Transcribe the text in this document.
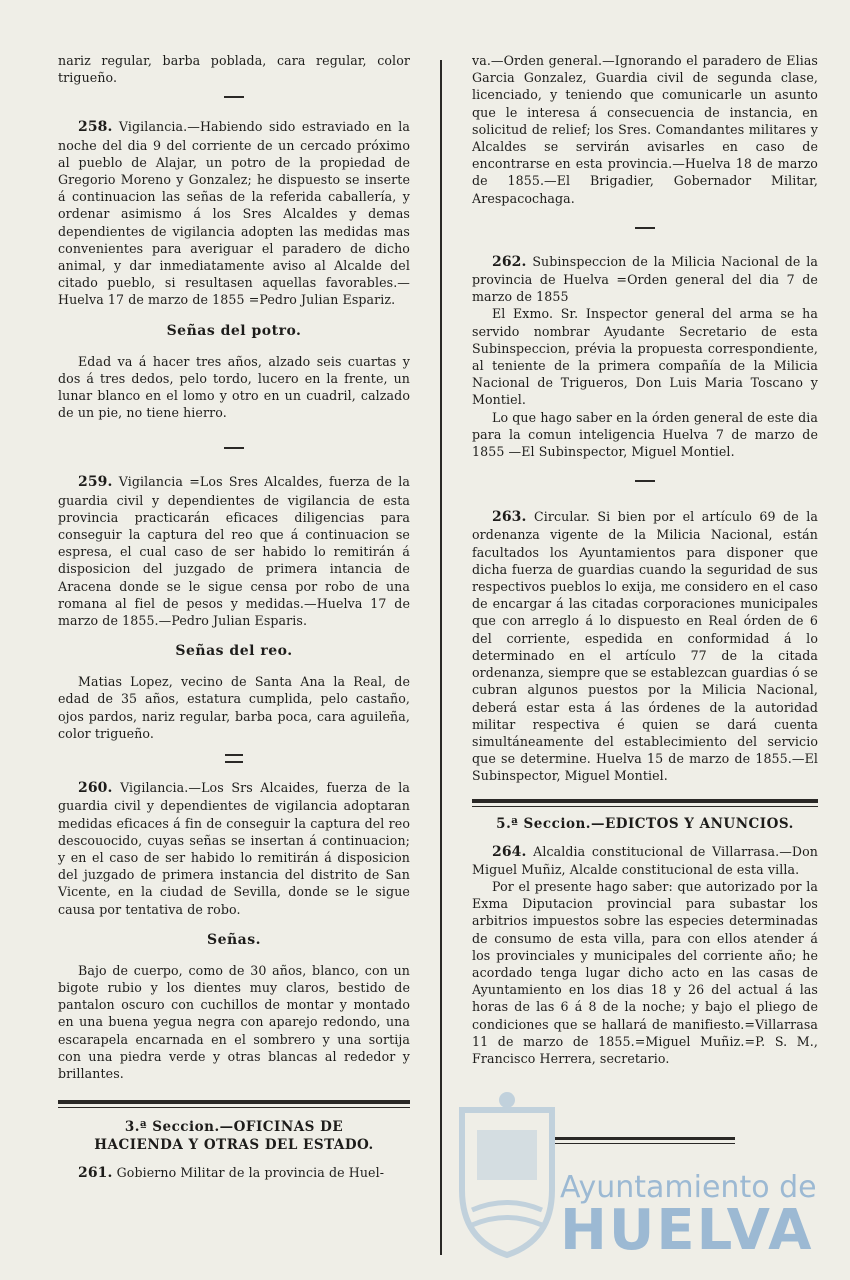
nariz regular, barba poblada, cara regular, color trigueño.

258. Vigilancia.—Habiendo sido estraviado en la noche del dia 9 del corriente de un cercado próximo al pueblo de Alajar, un potro de la propiedad de Gregorio Moreno y Gonzalez; he dispuesto se inserte á continuacion las señas de la referida caballería, y ordenar asimismo á los Sres Alcaldes y demas dependientes de vigilancia adopten las medidas mas convenientes para averiguar el paradero de dicho animal, y dar inmediatamente aviso al Alcalde del citado pueblo, si resultasen aquellas favorables.—Huelva 17 de marzo de 1855 =Pedro Julian Espariz.

Señas del potro.

Edad va á hacer tres años, alzado seis cuartas y dos á tres dedos, pelo tordo, lucero en la frente, un lunar blanco en el lomo y otro en un cuadril, calzado de un pie, no tiene hierro.

259. Vigilancia =Los Sres Alcaldes, fuerza de la guardia civil y dependientes de vigilancia de esta provincia practicarán eficaces diligencias para conseguir la captura del reo que á continuacion se espresa, el cual caso de ser habido lo remitirán á disposicion del juzgado de primera intancia de Aracena donde se le sigue censa por robo de una romana al fiel de pesos y medidas.—Huelva 17 de marzo de 1855.—Pedro Julian Esparis.

Señas del reo.

Matias Lopez, vecino de Santa Ana la Real, de edad de 35 años, estatura cumplida, pelo castaño, ojos pardos, nariz regular, barba poca, cara aguileña, color trigueño.

260. Vigilancia.—Los Srs Alcaides, fuerza de la guardia civil y dependientes de vigilancia adoptaran medidas eficaces á fin de conseguir la captura del reo descouocido, cuyas señas se insertan á continuacion; y en el caso de ser habido lo remitirán á disposicion del juzgado de primera instancia del distrito de San Vicente, en la ciudad de Sevilla, donde se le sigue causa por tentativa de robo.

Señas.

Bajo de cuerpo, como de 30 años, blanco, con un bigote rubio y los dientes muy claros, bestido de pantalon oscuro con cuchillos de montar y montado en una buena yegua negra con aparejo redondo, una escarapela encarnada en el sombrero y una sortija con una piedra verde y otras blancas al rededor y brillantes.

3.ª Seccion.—OFICINAS DE HACIENDA Y OTRAS DEL ESTADO.

261. Gobierno Militar de la provincia de Huel-

va.—Orden general.—Ignorando el paradero de Elias Garcia Gonzalez, Guardia civil de segunda clase, licenciado, y teniendo que comunicarle un asunto que le interesa á consecuencia de instancia, en solicitud de relief; los Sres. Comandantes militares y Alcaldes se servirán avisarles en caso de encontrarse en esta provincia.—Huelva 18 de marzo de 1855.—El Brigadier, Gobernador Militar, Arespacochaga.

262. Subinspeccion de la Milicia Nacional de la provincia de Huelva =Orden general del dia 7 de marzo de 1855

El Exmo. Sr. Inspector general del arma se ha servido nombrar Ayudante Secretario de esta Subinspeccion, prévia la propuesta correspondiente, al teniente de la primera compañía de la Milicia Nacional de Trigueros, Don Luis Maria Toscano y Montiel.

Lo que hago saber en la órden general de este dia para la comun inteligencia Huelva 7 de marzo de 1855 —El Subinspector, Miguel Montiel.

263. Circular. Si bien por el artículo 69 de la ordenanza vigente de la Milicia Nacional, están facultados los Ayuntamientos para disponer que dicha fuerza de guardias cuando la seguridad de sus respectivos pueblos lo exija, me considero en el caso de encargar á las citadas corporaciones municipales que con arreglo á lo dispuesto en Real órden de 6 del corriente, espedida en conformidad á lo determinado en el artículo 77 de la citada ordenanza, siempre que se establezcan guardias ó se cubran algunos puestos por la Milicia Nacional, deberá estar esta á las órdenes de la autoridad militar respectiva é quien se dará cuenta simultáneamente del establecimiento del servicio que se determine. Huelva 15 de marzo de 1855.—El Subinspector, Miguel Montiel.

5.ª Seccion.—EDICTOS Y ANUNCIOS.

264. Alcaldia constitucional de Villarrasa.—Don Miguel Muñiz, Alcalde constitucional de esta villa.

Por el presente hago saber: que autorizado por la Exma Diputacion provincial para subastar los arbitrios impuestos sobre las especies determinadas de consumo de esta villa, para con ellos atender á los provinciales y municipales del corriente año; he acordado tenga lugar dicho acto en las casas de Ayuntamiento en los dias 18 y 26 del actual á las horas de las 6 á 8 de la noche; y bajo el pliego de condiciones que se hallará de manifiesto.=Villarrasa 11 de marzo de 1855.=Miguel Muñiz.=P. S. M., Francisco Herrera, secretario.

Ayuntamiento de
HUELVA
